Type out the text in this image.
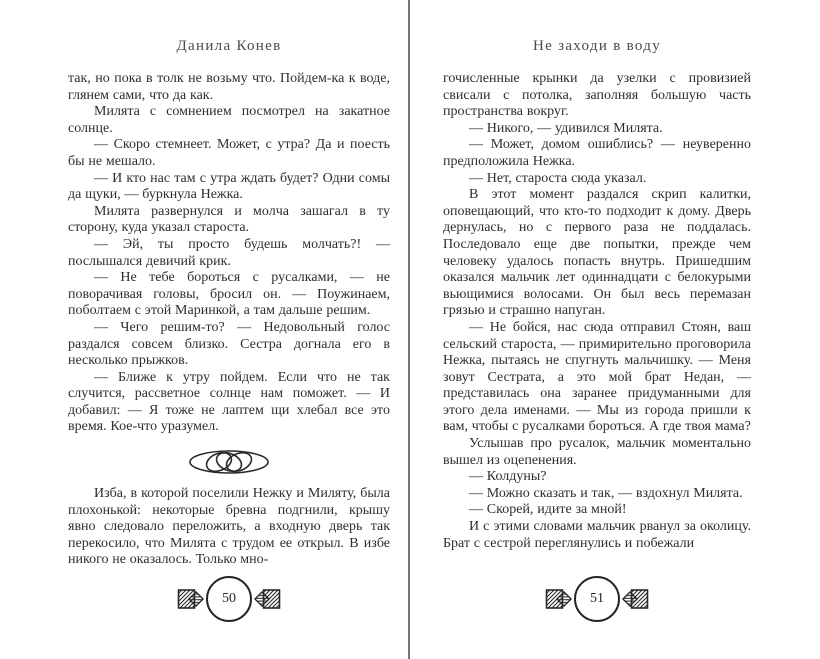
Данила Конев

так, но пока в толк не возьму что. Пойдем-ка к воде, глянем сами, что да как.

Милята с сомнением посмотрел на закатное солнце.

— Скоро стемнеет. Может, с утра? Да и поесть бы не мешало.

— И кто нас там с утра ждать будет? Одни сомы да щуки, — буркнула Нежка.

Милята развернулся и молча зашагал в ту сторону, куда указал староста.

— Эй, ты просто будешь молчать?! — послышался девичий крик.

— Не тебе бороться с русалками, — не поворачивая головы, бросил он. — Поужинаем, поболтаем с этой Маринкой, а там дальше решим.

— Чего решим-то? — Недовольный голос раздался совсем близко. Сестра догнала его в несколько прыжков.

— Ближе к утру пойдем. Если что не так случится, рассветное солнце нам поможет. — И добавил: — Я тоже не лаптем щи хлебал все это время. Кое-что уразумел.

Изба, в которой поселили Нежку и Миляту, была плохонькой: некоторые бревна подгнили, крышу явно следовало переложить, а входную дверь так перекосило, что Милята с трудом ее открыл. В избе никого не оказалось. Только мно-

50
Не заходи в воду

гочисленные крынки да узелки с провизией свисали с потолка, заполняя большую часть пространства вокруг.

— Никого, — удивился Милята.

— Может, домом ошиблись? — неуверенно предположила Нежка.

— Нет, староста сюда указал.

В этот момент раздался скрип калитки, оповещающий, что кто-то подходит к дому. Дверь дернулась, но с первого раза не поддалась. Последовало еще две попытки, прежде чем человеку удалось попасть внутрь. Пришедшим оказался мальчик лет одиннадцати с белокурыми вьющимися волосами. Он был весь перемазан грязью и страшно напуган.

— Не бойся, нас сюда отправил Стоян, ваш сельский староста, — примирительно проговорила Нежка, пытаясь не спугнуть мальчишку. — Меня зовут Сестрата, а это мой брат Недан, — представилась она заранее придуманными для этого дела именами. — Мы из города пришли к вам, чтобы с русалками бороться. А где твоя мама?

Услышав про русалок, мальчик моментально вышел из оцепенения.

— Колдуны?

— Можно сказать и так, — вздохнул Милята.

— Скорей, идите за мной!

И с этими словами мальчик рванул за околицу. Брат с сестрой переглянулись и побежали

51
